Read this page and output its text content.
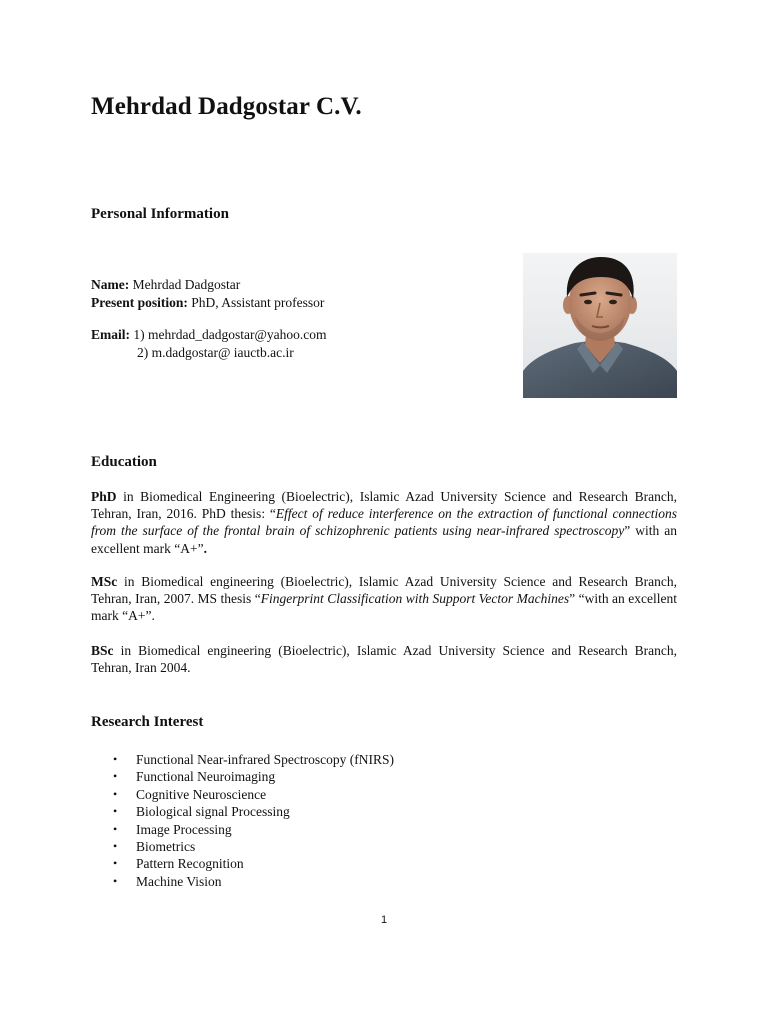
Mehrdad Dadgostar C.V.
Personal Information
Name: Mehrdad Dadgostar
Present position: PhD, Assistant professor
Email: 1) mehrdad_dadgostar@yahoo.com
2) m.dadgostar@ iauctb.ac.ir
Education
PhD in Biomedical Engineering (Bioelectric), Islamic Azad University Science and Research Branch, Tehran, Iran, 2016. PhD thesis: “Effect of reduce interference on the extraction of functional connections from the surface of the frontal brain of schizophrenic patients using near-infrared spectroscopy” with an excellent mark “A+”.
MSc in Biomedical engineering (Bioelectric), Islamic Azad University Science and Research Branch, Tehran, Iran, 2007. MS thesis “Fingerprint Classification with Support Vector Machines” “with an excellent mark “A+”.
BSc in Biomedical engineering (Bioelectric), Islamic Azad University Science and Research Branch, Tehran, Iran 2004.
Research Interest
• Functional Near-infrared Spectroscopy (fNIRS)
• Functional Neuroimaging
• Cognitive Neuroscience
• Biological signal Processing
• Image Processing
• Biometrics
• Pattern Recognition
• Machine Vision
1
